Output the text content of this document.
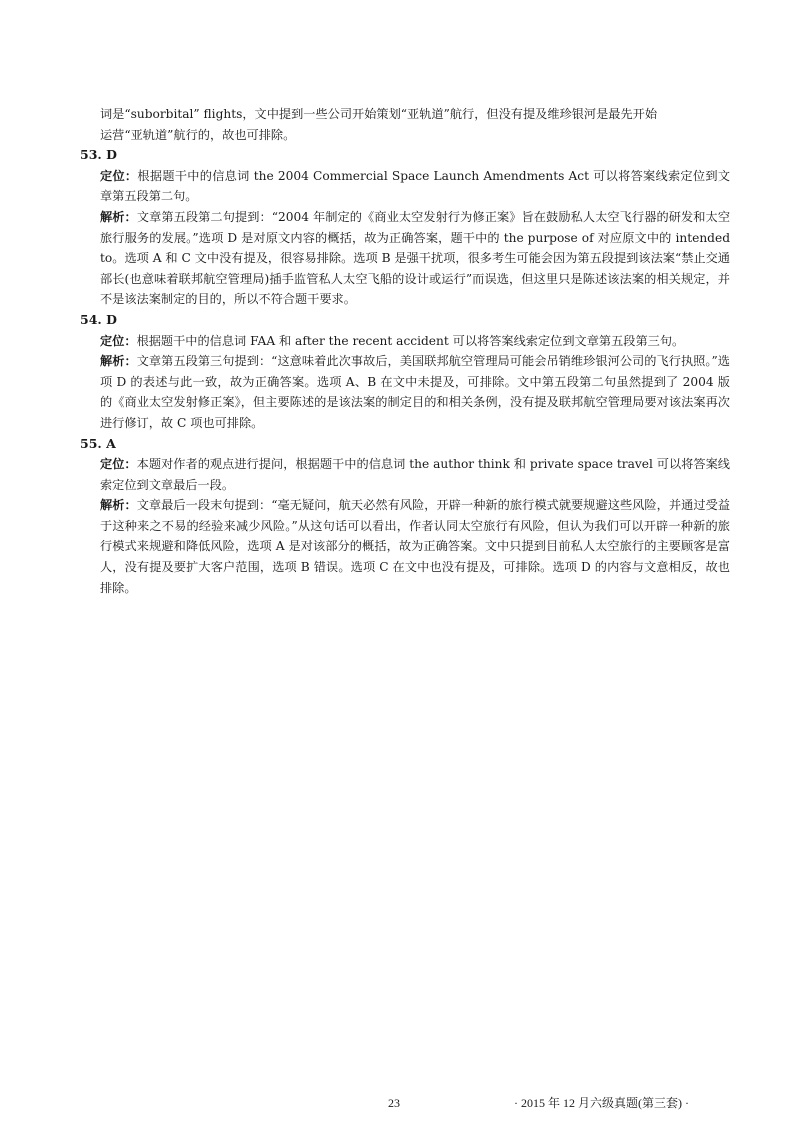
词是“suborbital” flights，文中提到一些公司开始策划“亚轨道”航行，但没有提及维珍银河是最先开始

运营“亚轨道”航行的，故也可排除。

53. D

定位：根据题干中的信息词 the 2004 Commercial Space Launch Amendments Act 可以将答案线索定位到文章第五段第二句。

解析：文章第五段第二句提到：“2004 年制定的《商业太空发射行为修正案》旨在鼓励私人太空飞行器的研发和太空旅行服务的发展。”选项 D 是对原文内容的概括，故为正确答案，题干中的 the purpose of 对应原文中的 intended to。选项 A 和 C 文中没有提及，很容易排除。选项 B 是强干扰项，很多考生可能会因为第五段提到该法案“禁止交通部长(也意味着联邦航空管理局)插手监管私人太空飞船的设计或运行”而误选，但这里只是陈述该法案的相关规定，并不是该法案制定的目的，所以不符合题干要求。

54. D

定位：根据题干中的信息词 FAA 和 after the recent accident 可以将答案线索定位到文章第五段第三句。

解析：文章第五段第三句提到：“这意味着此次事故后，美国联邦航空管理局可能会吊销维珍银河公司的飞行执照。”选项 D 的表述与此一致，故为正确答案。选项 A、B 在文中未提及，可排除。文中第五段第二句虽然提到了 2004 版的《商业太空发射修正案》，但主要陈述的是该法案的制定目的和相关条例，没有提及联邦航空管理局要对该法案再次进行修订，故 C 项也可排除。

55. A

定位：本题对作者的观点进行提问，根据题干中的信息词 the author think 和 private space travel 可以将答案线索定位到文章最后一段。

解析：文章最后一段末句提到：“毫无疑问，航天必然有风险，开辟一种新的旅行模式就要规避这些风险，并通过受益于这种来之不易的经验来减少风险。”从这句话可以看出，作者认同太空旅行有风险，但认为我们可以开辟一种新的旅行模式来规避和降低风险，选项 A 是对该部分的概括，故为正确答案。文中只提到目前私人太空旅行的主要顾客是富人，没有提及要扩大客户范围，选项 B 错误。选项 C 在文中也没有提及，可排除。选项 D 的内容与文意相反，故也排除。

23	· 2015 年 12 月六级真题(第三套) ·
